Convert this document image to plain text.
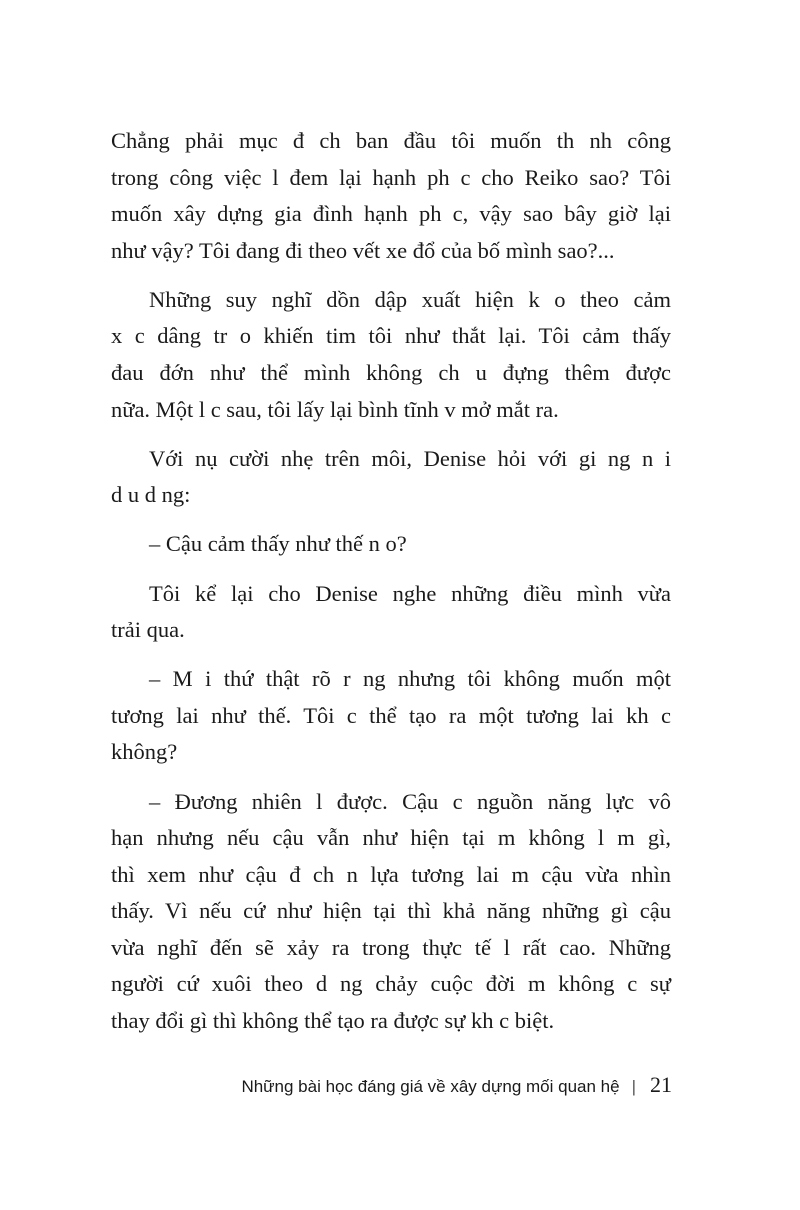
Chẳng phải mục đ ch ban đầu tôi muốn th nh công
trong công việc l đem lại hạnh ph c cho Reiko sao? Tôi
muốn xây dựng gia đình hạnh ph c, vậy sao bây giờ lại
như vậy? Tôi đang đi theo vết xe đổ của bố mình sao?...
Những suy nghĩ dồn dập xuất hiện k o theo cảm
x c dâng tr o khiến tim tôi như thắt lại. Tôi cảm thấy
đau đớn như thể mình không ch u đựng thêm được
nữa. Một l c sau, tôi lấy lại bình tĩnh v mở mắt ra.
Với nụ cười nhẹ trên môi, Denise hỏi với gi ng n i
d u d ng:
– Cậu cảm thấy như thế n o?
Tôi kể lại cho Denise nghe những điều mình vừa
trải qua.
– M i thứ thật rõ r ng nhưng tôi không muốn một
tương lai như thế. Tôi c thể tạo ra một tương lai kh c
không?
– Đương nhiên l được. Cậu c nguồn năng lực vô
hạn nhưng nếu cậu vẫn như hiện tại m không l m gì,
thì xem như cậu đ ch n lựa tương lai m cậu vừa nhìn
thấy. Vì nếu cứ như hiện tại thì khả năng những gì cậu
vừa nghĩ đến sẽ xảy ra trong thực tế l rất cao. Những
người cứ xuôi theo d ng chảy cuộc đời m không c sự
thay đổi gì thì không thể tạo ra được sự kh c biệt.
Những bài học đáng giá về xây dựng mối quan hệ | 21
